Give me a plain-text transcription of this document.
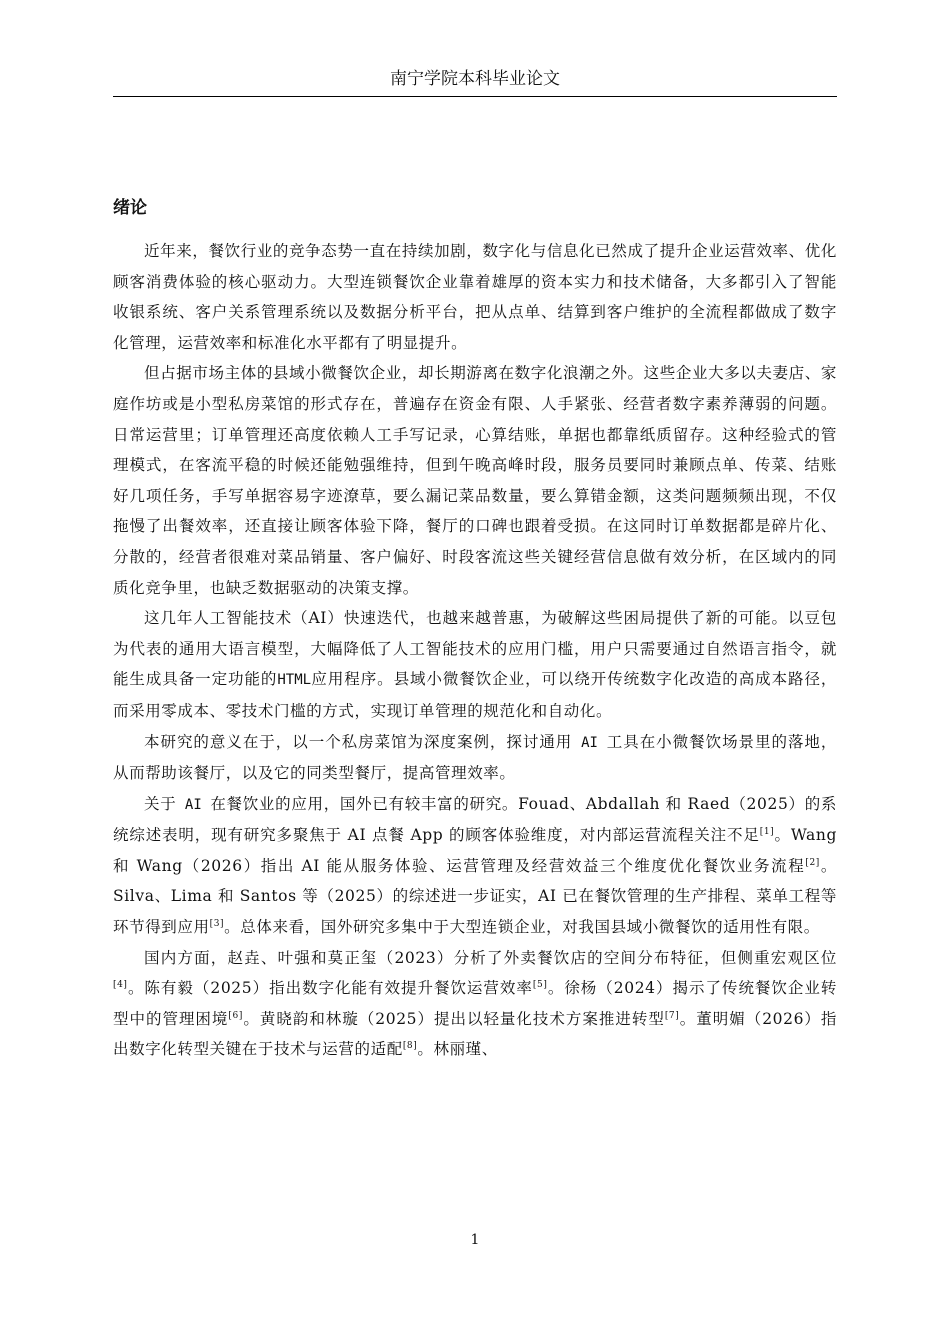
南宁学院本科毕业论文
绪论

近年来，餐饮行业的竞争态势一直在持续加剧，数字化与信息化已然成了提升企业运营效率、优化顾客消费体验的核心驱动力。大型连锁餐饮企业靠着雄厚的资本实力和技术储备，大多都引入了智能收银系统、客户关系管理系统以及数据分析平台，把从点单、结算到客户维护的全流程都做成了数字化管理，运营效率和标准化水平都有了明显提升。

但占据市场主体的县域小微餐饮企业，却长期游离在数字化浪潮之外。这些企业大多以夫妻店、家庭作坊或是小型私房菜馆的形式存在，普遍存在资金有限、人手紧张、经营者数字素养薄弱的问题。日常运营里；订单管理还高度依赖人工手写记录，心算结账，单据也都靠纸质留存。这种经验式的管理模式，在客流平稳的时候还能勉强维持，但到午晚高峰时段，服务员要同时兼顾点单、传菜、结账好几项任务，手写单据容易字迹潦草，要么漏记菜品数量，要么算错金额，这类问题频频出现，不仅拖慢了出餐效率，还直接让顾客体验下降，餐厅的口碑也跟着受损。在这同时订单数据都是碎片化、分散的，经营者很难对菜品销量、客户偏好、时段客流这些关键经营信息做有效分析，在区域内的同质化竞争里，也缺乏数据驱动的决策支撑。

这几年人工智能技术（AI）快速迭代，也越来越普惠，为破解这些困局提供了新的可能。以豆包为代表的通用大语言模型，大幅降低了人工智能技术的应用门槛，用户只需要通过自然语言指令，就能生成具备一定功能的HTML应用程序。县域小微餐饮企业，可以绕开传统数字化改造的高成本路径，而采用零成本、零技术门槛的方式，实现订单管理的规范化和自动化。

本研究的意义在于，以一个私房菜馆为深度案例，探讨通用 AI 工具在小微餐饮场景里的落地，从而帮助该餐厅，以及它的同类型餐厅，提高管理效率。

关于 AI 在餐饮业的应用，国外已有较丰富的研究。Fouad、Abdallah 和 Raed（2025）的系统综述表明，现有研究多聚焦于 AI 点餐 App 的顾客体验维度，对内部运营流程关注不足[1]。Wang 和 Wang（2026）指出 AI 能从服务体验、运营管理及经营效益三个维度优化餐饮业务流程[2]。Silva、Lima 和 Santos 等（2025）的综述进一步证实，AI 已在餐饮管理的生产排程、菜单工程等环节得到应用[3]。总体来看，国外研究多集中于大型连锁企业，对我国县域小微餐饮的适用性有限。

国内方面，赵垚、叶强和莫正玺（2023）分析了外卖餐饮店的空间分布特征，但侧重宏观区位[4]。陈有毅（2025）指出数字化能有效提升餐饮运营效率[5]。徐杨（2024）揭示了传统餐饮企业转型中的管理困境[6]。黄晓韵和林璇（2025）提出以轻量化技术方案推进转型[7]。董明媚（2026）指出数字化转型关键在于技术与运营的适配[8]。林丽瑾、

1
